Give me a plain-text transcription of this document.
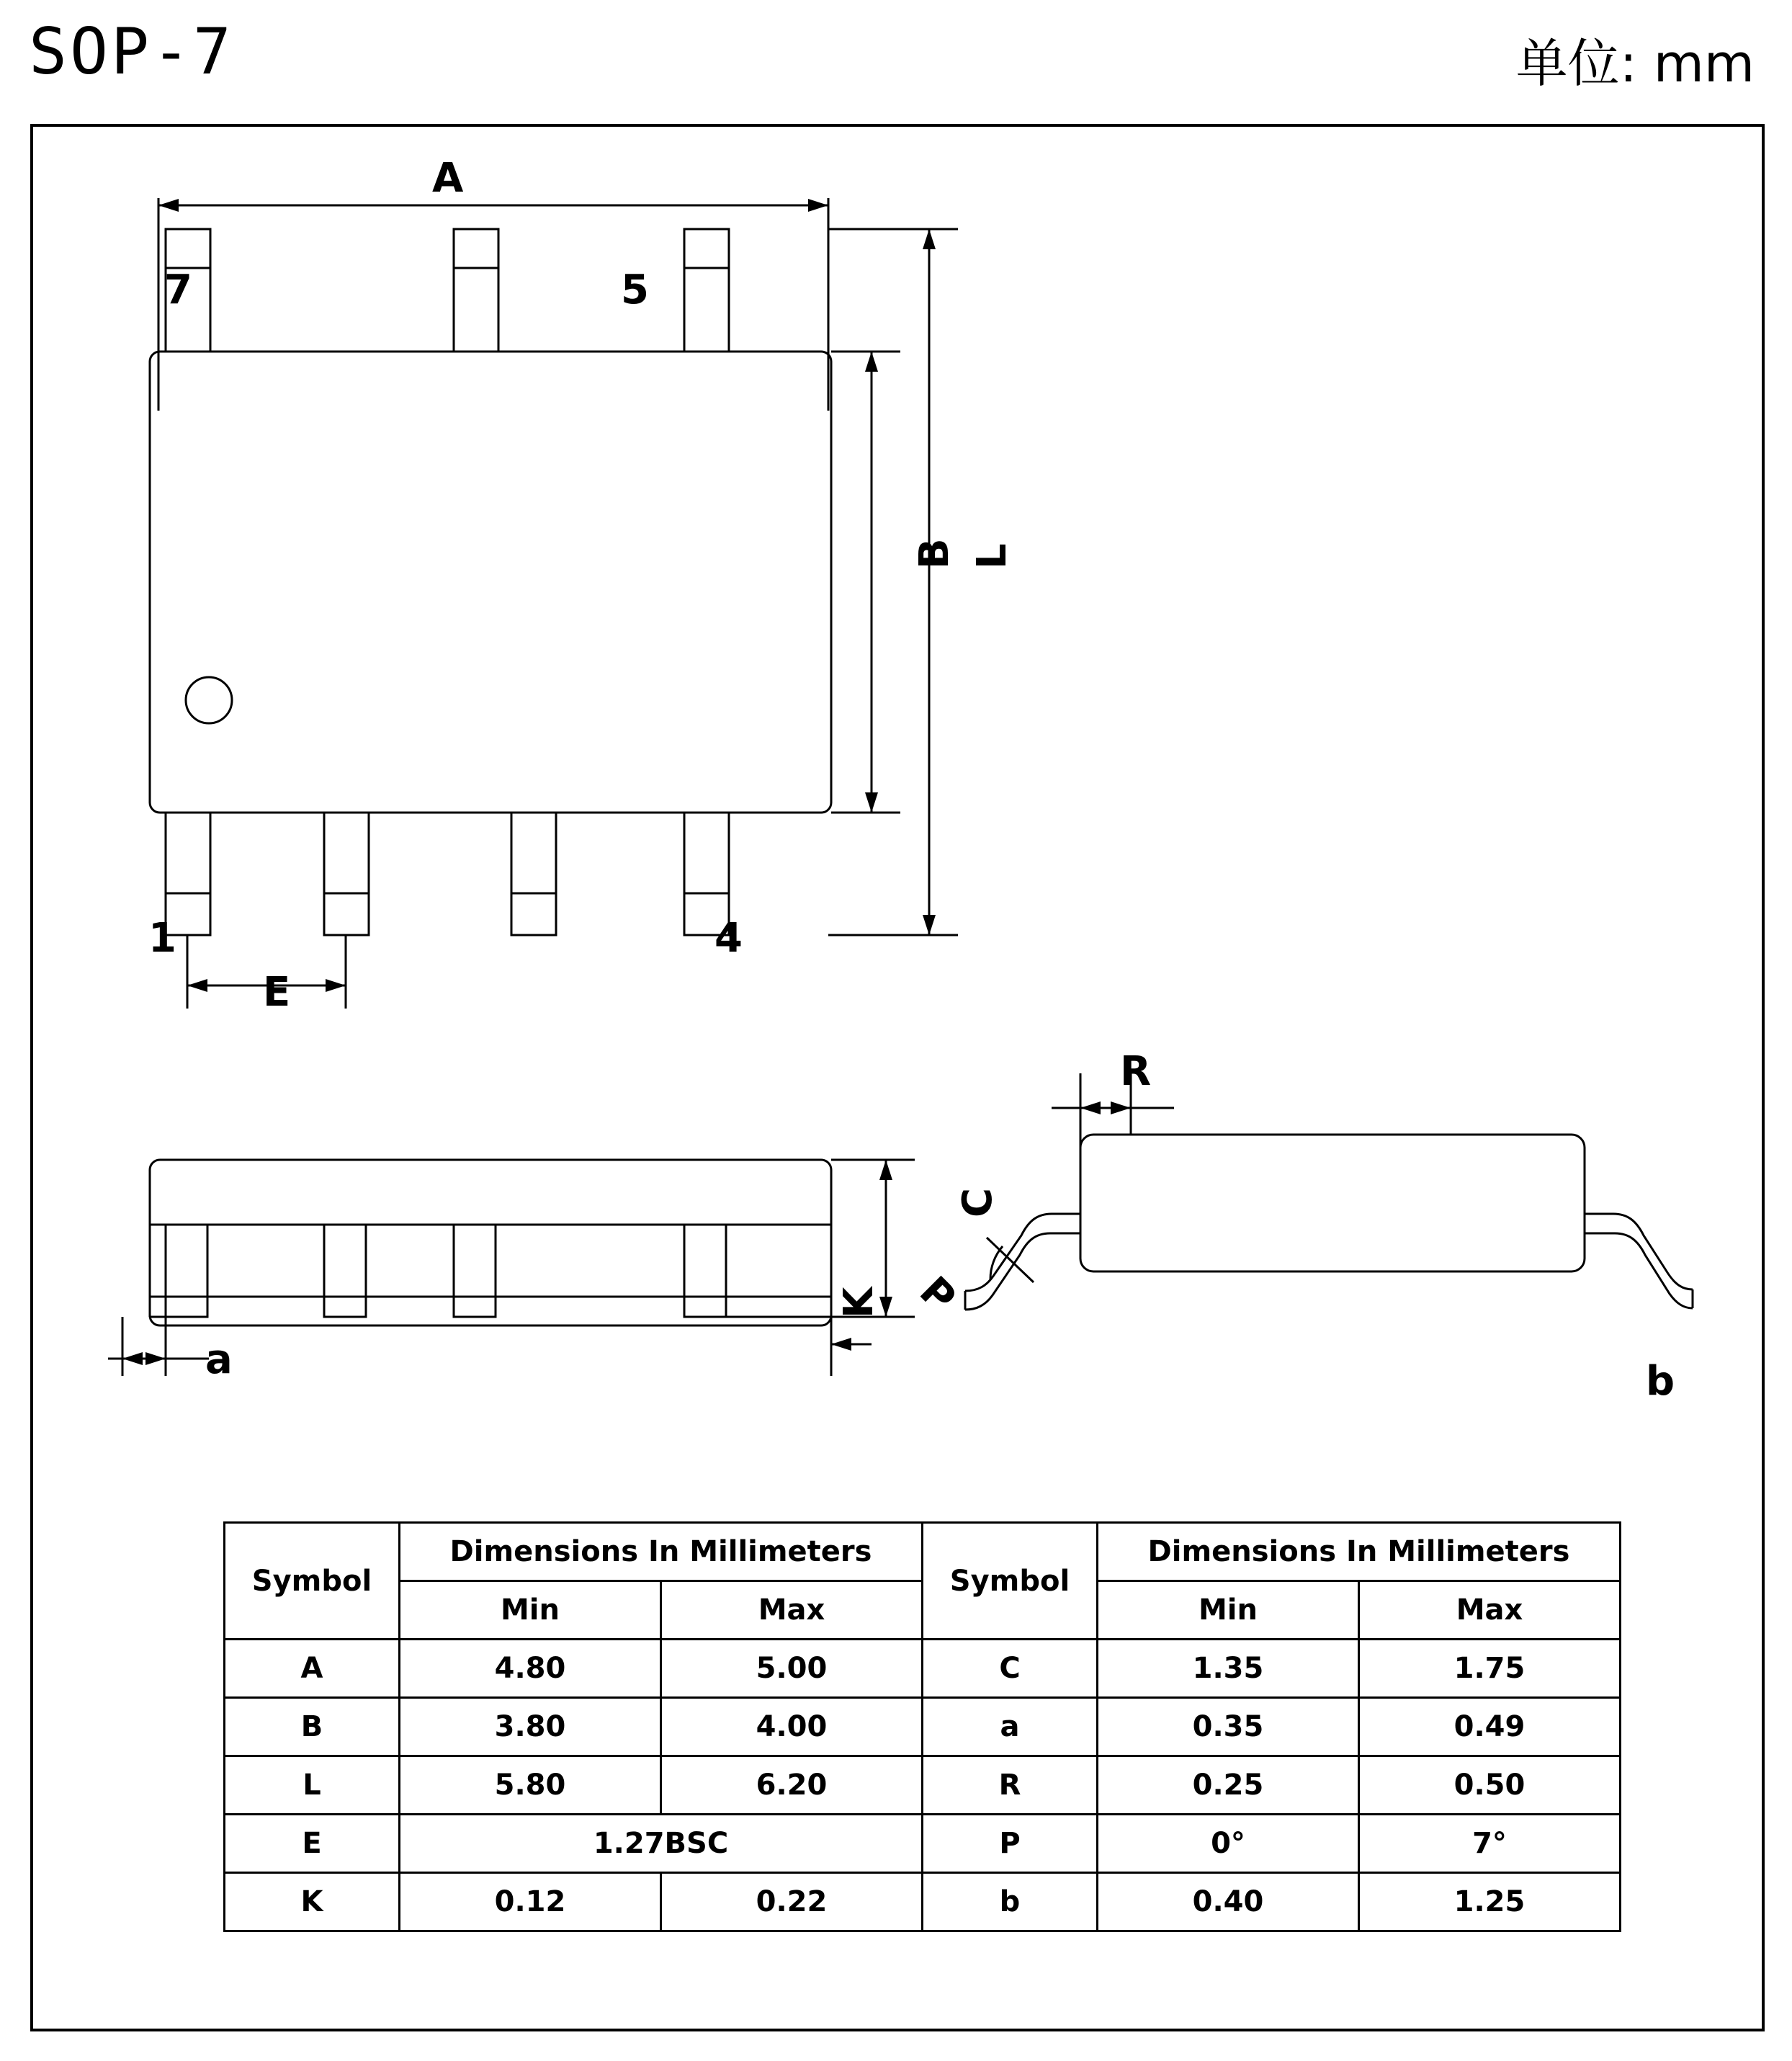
SOP-7	单位: mm
A
B L
E
7	5
1	4
C
K
a
R
P
b
Symbol	Dimensions In Millimeters		Symbol	Dimensions In Millimeters	
	Min	Max		Min	Max
A	4.80	5.00	C	1.35	1.75
B	3.80	4.00	a	0.35	0.49
L	5.80	6.20	R	0.25	0.50
E	1.27BSC		P	0°	7°
K	0.12	0.22	b	0.40	1.25
